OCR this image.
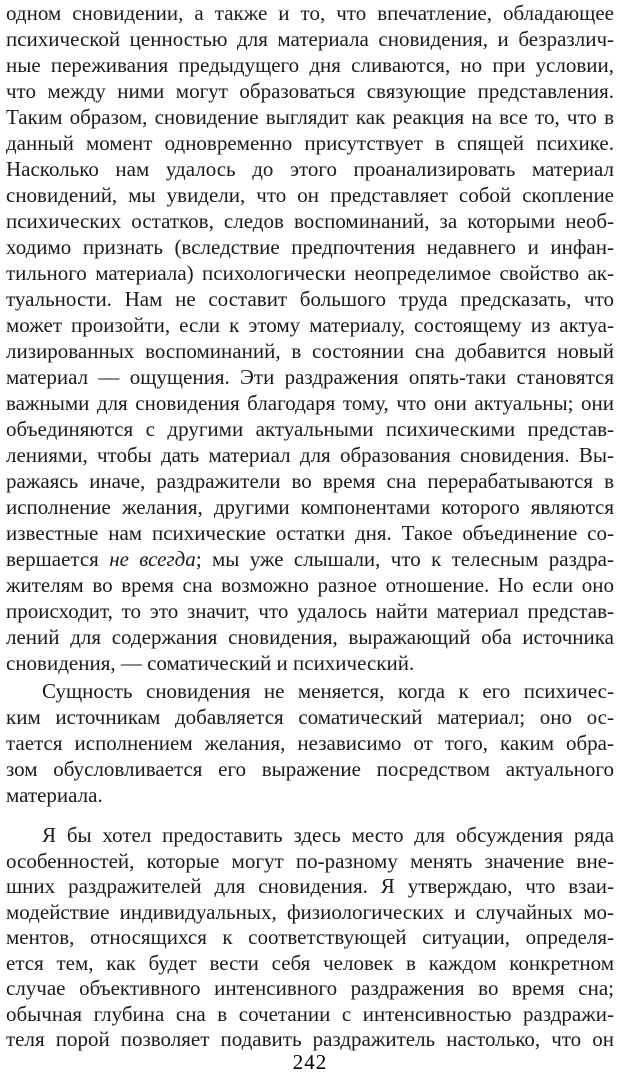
одном сновидении, а также и то, что впечатление, обладающее
психической ценностью для материала сновидения, и безразлич-
ные переживания предыдущего дня сливаются, но при условии,
что между ними могут образоваться связующие представления.
Таким образом, сновидение выглядит как реакция на все то, что в
данный момент одновременно присутствует в спящей психике.
Насколько нам удалось до этого проанализировать материал
сновидений, мы увидели, что он представляет собой скопление
психических остатков, следов воспоминаний, за которыми необ-
ходимо признать (вследствие предпочтения недавнего и инфан-
тильного материала) психологически неопределимое свойство ак-
туальности. Нам не составит большого труда предсказать, что
может произойти, если к этому материалу, состоящему из актуа-
лизированных воспоминаний, в состоянии сна добавится новый
материал — ощущения. Эти раздражения опять-таки становятся
важными для сновидения благодаря тому, что они актуальны; они
объединяются с другими актуальными психическими представ-
лениями, чтобы дать материал для образования сновидения. Вы-
ражаясь иначе, раздражители во время сна перерабатываются в
исполнение желания, другими компонентами которого являются
известные нам психические остатки дня. Такое объединение со-
вершается не всегда; мы уже слышали, что к телесным раздра-
жителям во время сна возможно разное отношение. Но если оно
происходит, то это значит, что удалось найти материал представ-
лений для содержания сновидения, выражающий оба источника
сновидения, — соматический и психический.
Сущность сновидения не меняется, когда к его психичес-
ким источникам добавляется соматический материал; оно ос-
тается исполнением желания, независимо от того, каким обра-
зом обусловливается его выражение посредством актуального
материала.
Я бы хотел предоставить здесь место для обсуждения ряда
особенностей, которые могут по-разному менять значение вне-
шних раздражителей для сновидения. Я утверждаю, что взаи-
модействие индивидуальных, физиологических и случайных мо-
ментов, относящихся к соответствующей ситуации, определя-
ется тем, как будет вести себя человек в каждом конкретном
случае объективного интенсивного раздражения во время сна;
обычная глубина сна в сочетании с интенсивностью раздражи-
теля порой позволяет подавить раздражитель настолько, что он
242
